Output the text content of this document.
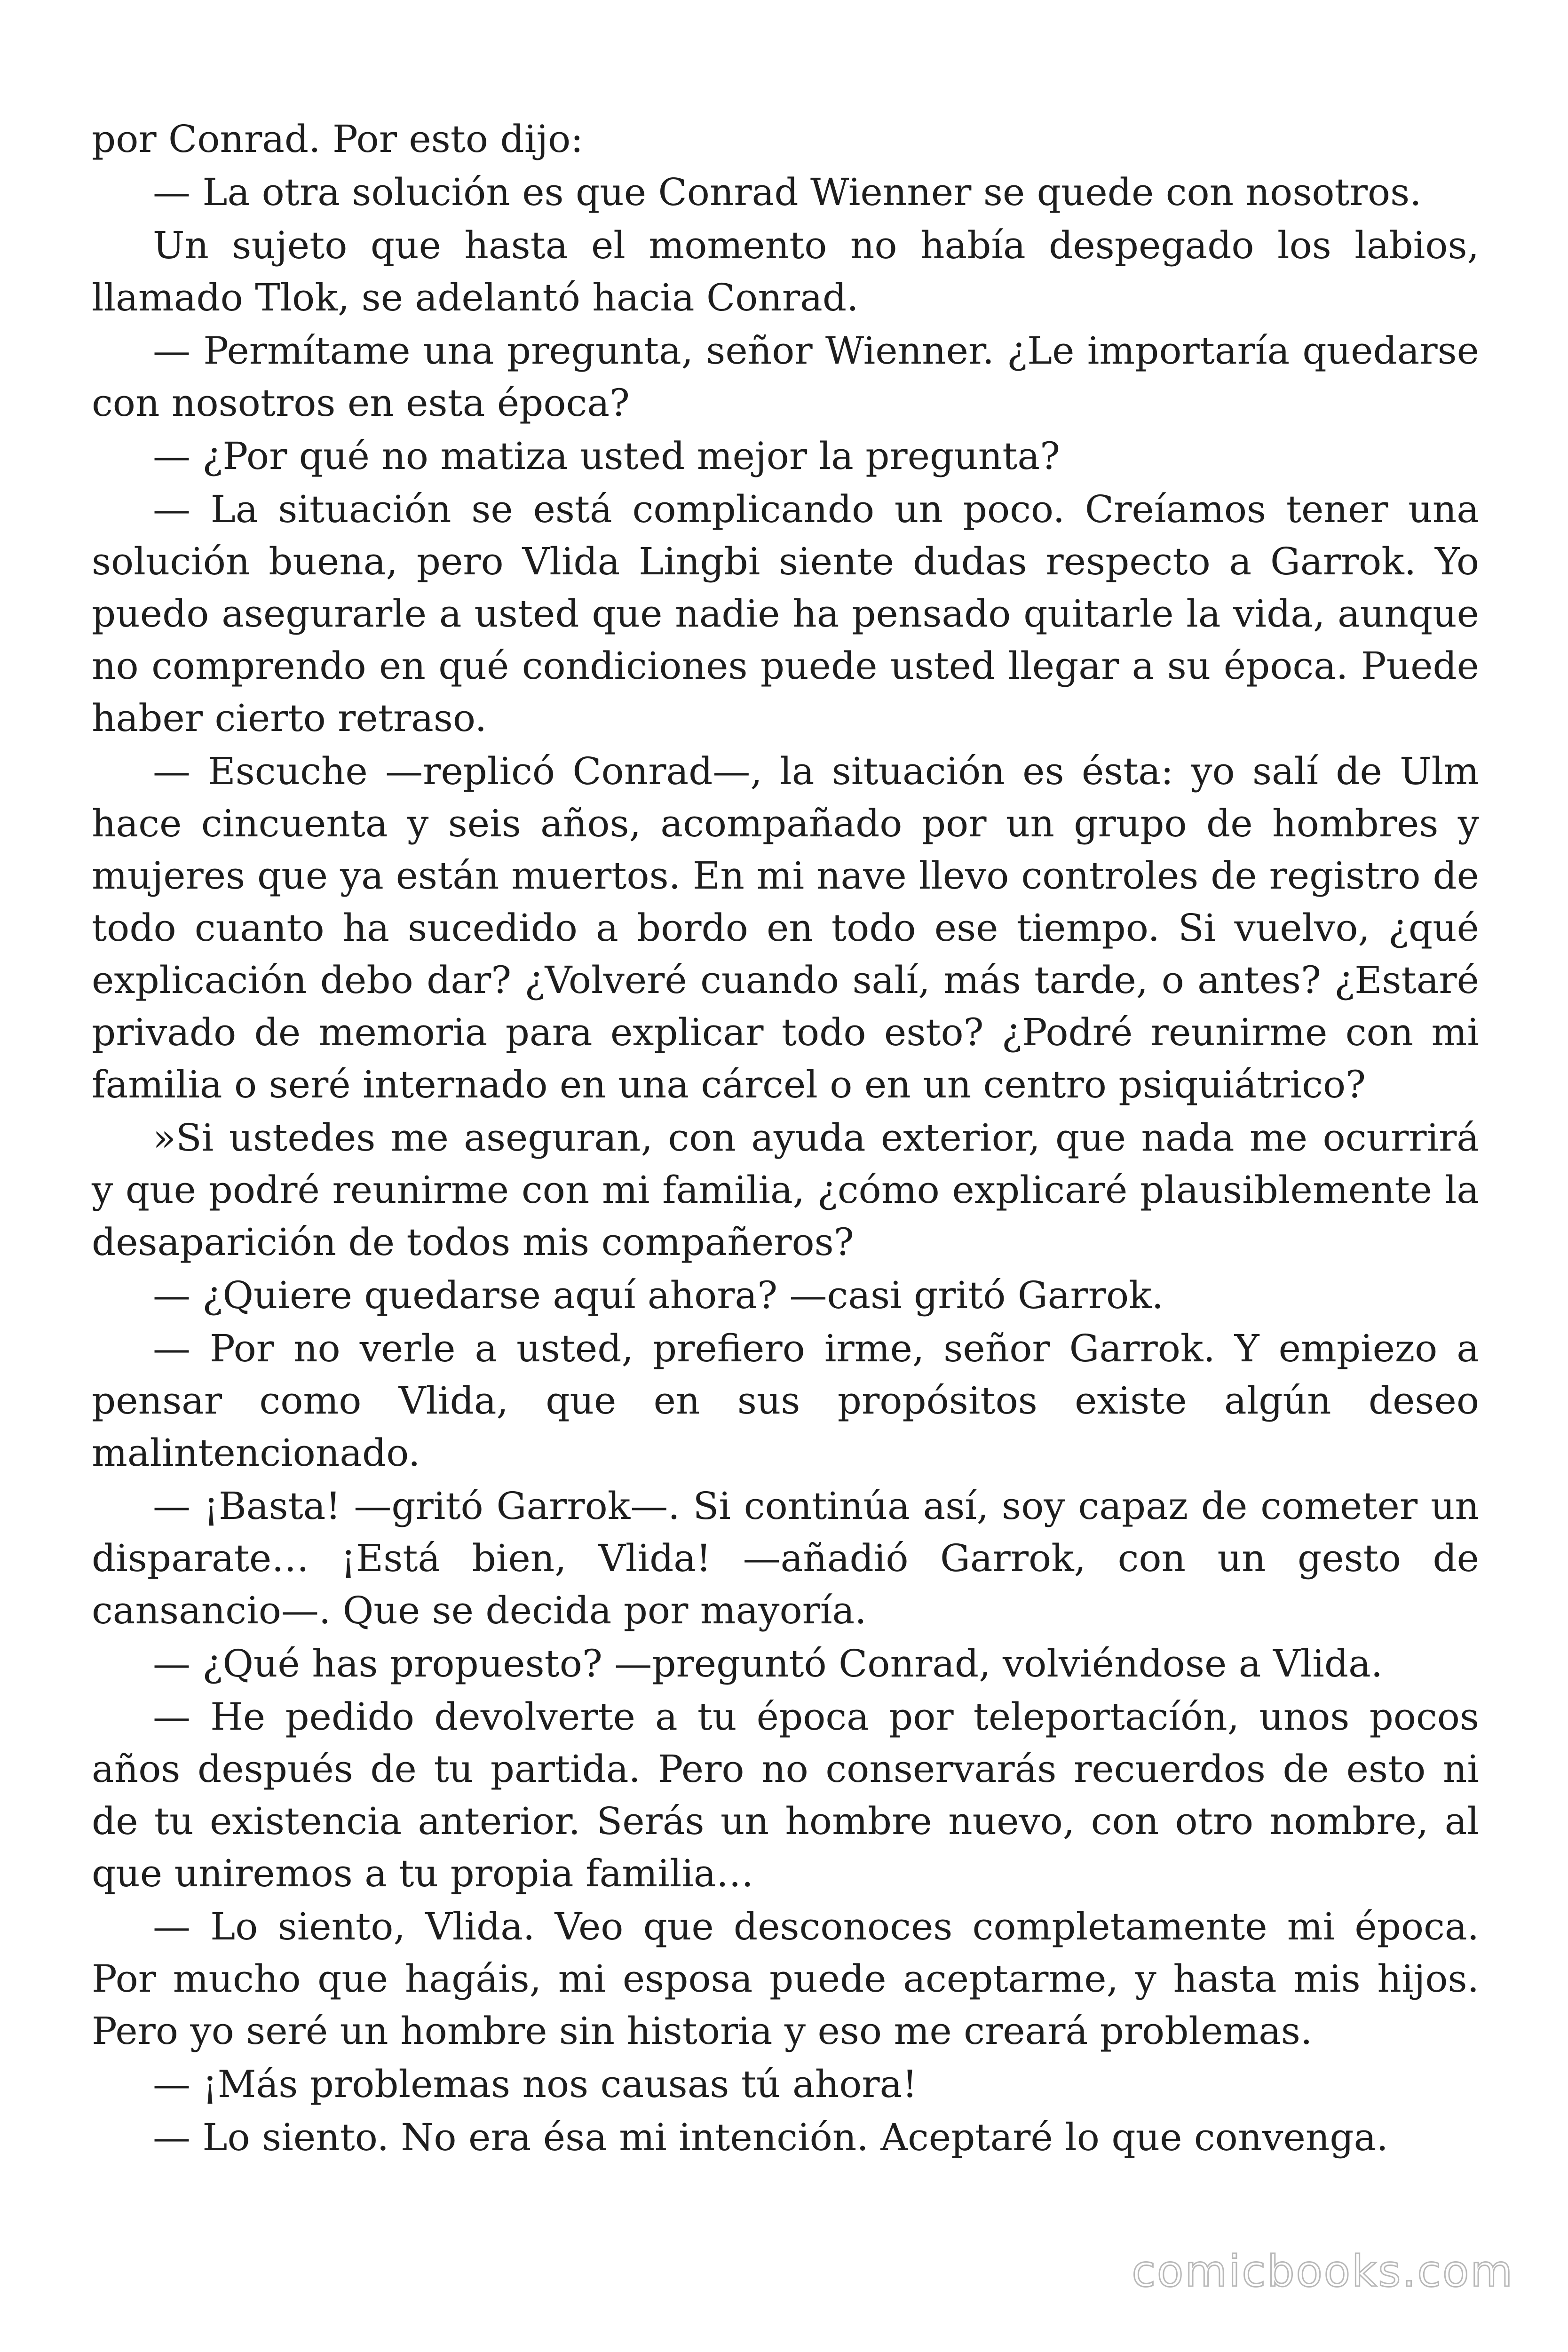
por Conrad. Por esto dijo:

— La otra solución es que Conrad Wienner se quede con nosotros.

Un sujeto que hasta el momento no había despegado los labios, llamado Tlok, se adelantó hacia Conrad.

— Permítame una pregunta, señor Wienner. ¿Le importaría quedarse con nosotros en esta época?

— ¿Por qué no matiza usted mejor la pregunta?

— La situación se está complicando un poco. Creíamos tener una solución buena, pero Vlida Lingbi siente dudas respecto a Garrok. Yo puedo asegurarle a usted que nadie ha pensado quitarle la vida, aunque no comprendo en qué condiciones puede usted llegar a su época. Puede haber cierto retraso.

— Escuche —replicó Conrad—, la situación es ésta: yo salí de Ulm hace cincuenta y seis años, acompañado por un grupo de hombres y mujeres que ya están muertos. En mi nave llevo controles de registro de todo cuanto ha sucedido a bordo en todo ese tiempo. Si vuelvo, ¿qué explicación debo dar? ¿Volveré cuando salí, más tarde, o antes? ¿Estaré privado de memoria para explicar todo esto? ¿Podré reunirme con mi familia o seré internado en una cárcel o en un centro psiquiátrico?

»Si ustedes me aseguran, con ayuda exterior, que nada me ocurrirá y que podré reunirme con mi familia, ¿cómo explicaré plausiblemente la desaparición de todos mis compañeros?

— ¿Quiere quedarse aquí ahora? —casi gritó Garrok.

— Por no verle a usted, prefiero irme, señor Garrok. Y empiezo a pensar como Vlida, que en sus propósitos existe algún deseo malintencionado.

— ¡Basta! —gritó Garrok—. Si continúa así, soy capaz de cometer un disparate… ¡Está bien, Vlida! —añadió Garrok, con un gesto de cansancio—. Que se decida por mayoría.

— ¿Qué has propuesto? —preguntó Conrad, volviéndose a Vlida.

— He pedido devolverte a tu época por teleportacíón, unos pocos años después de tu partida. Pero no conservarás recuerdos de esto ni de tu existencia anterior. Serás un hombre nuevo, con otro nombre, al que uniremos a tu propia familia…

— Lo siento, Vlida. Veo que desconoces completamente mi época. Por mucho que hagáis, mi esposa puede aceptarme, y hasta mis hijos. Pero yo seré un hombre sin historia y eso me creará problemas.

— ¡Más problemas nos causas tú ahora!

— Lo siento. No era ésa mi intención. Aceptaré lo que convenga.

comicbooks.com
